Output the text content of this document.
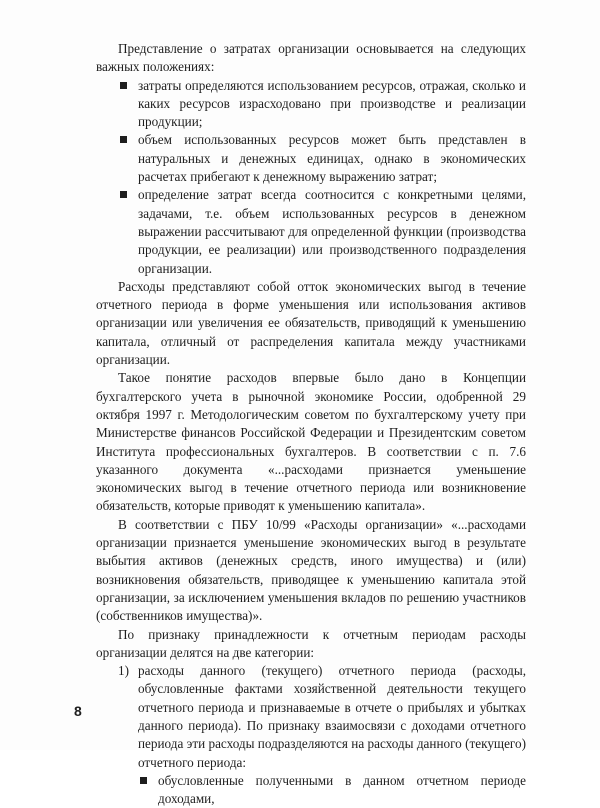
Представление о затратах организации основывается на следующих важных положениях:

затраты определяются использованием ресурсов, отражая, сколько и каких ресурсов израсходовано при производстве и реализации продукции;
объем использованных ресурсов может быть представлен в натуральных и денежных единицах, однако в экономических расчетах прибегают к денежному выражению затрат;
определение затрат всегда соотносится с конкретными целями, задачами, т.е. объем использованных ресурсов в денежном выражении рассчитывают для определенной функции (производства продукции, ее реализации) или производственного подразделения организации.

Расходы представляют собой отток экономических выгод в течение отчетного периода в форме уменьшения или использования активов организации или увеличения ее обязательств, приводящий к уменьшению капитала, отличный от распределения капитала между участниками организации.

Такое понятие расходов впервые было дано в Концепции бухгалтерского учета в рыночной экономике России, одобренной 29 октября 1997 г. Методологическим советом по бухгалтерскому учету при Министерстве финансов Российской Федерации и Президентским советом Института профессиональных бухгалтеров. В соответствии с п. 7.6 указанного документа «...расходами признается уменьшение экономических выгод в течение отчетного периода или возникновение обязательств, которые приводят к уменьшению капитала».

В соответствии с ПБУ 10/99 «Расходы организации» «...расходами организации признается уменьшение экономических выгод в результате выбытия активов (денежных средств, иного имущества) и (или) возникновения обязательств, приводящее к уменьшению капитала этой организации, за исключением уменьшения вкладов по решению участников (собственников имущества)».

По признаку принадлежности к отчетным периодам расходы организации делятся на две категории:

1) расходы данного (текущего) отчетного периода (расходы, обусловленные фактами хозяйственной деятельности текущего отчетного периода и признаваемые в отчете о прибылях и убытках данного периода). По признаку взаимосвязи с доходами отчетного периода эти расходы подразделяются на расходы данного (текущего) отчетного периода:
обусловленные полученными в данном отчетном периоде доходами,
8
